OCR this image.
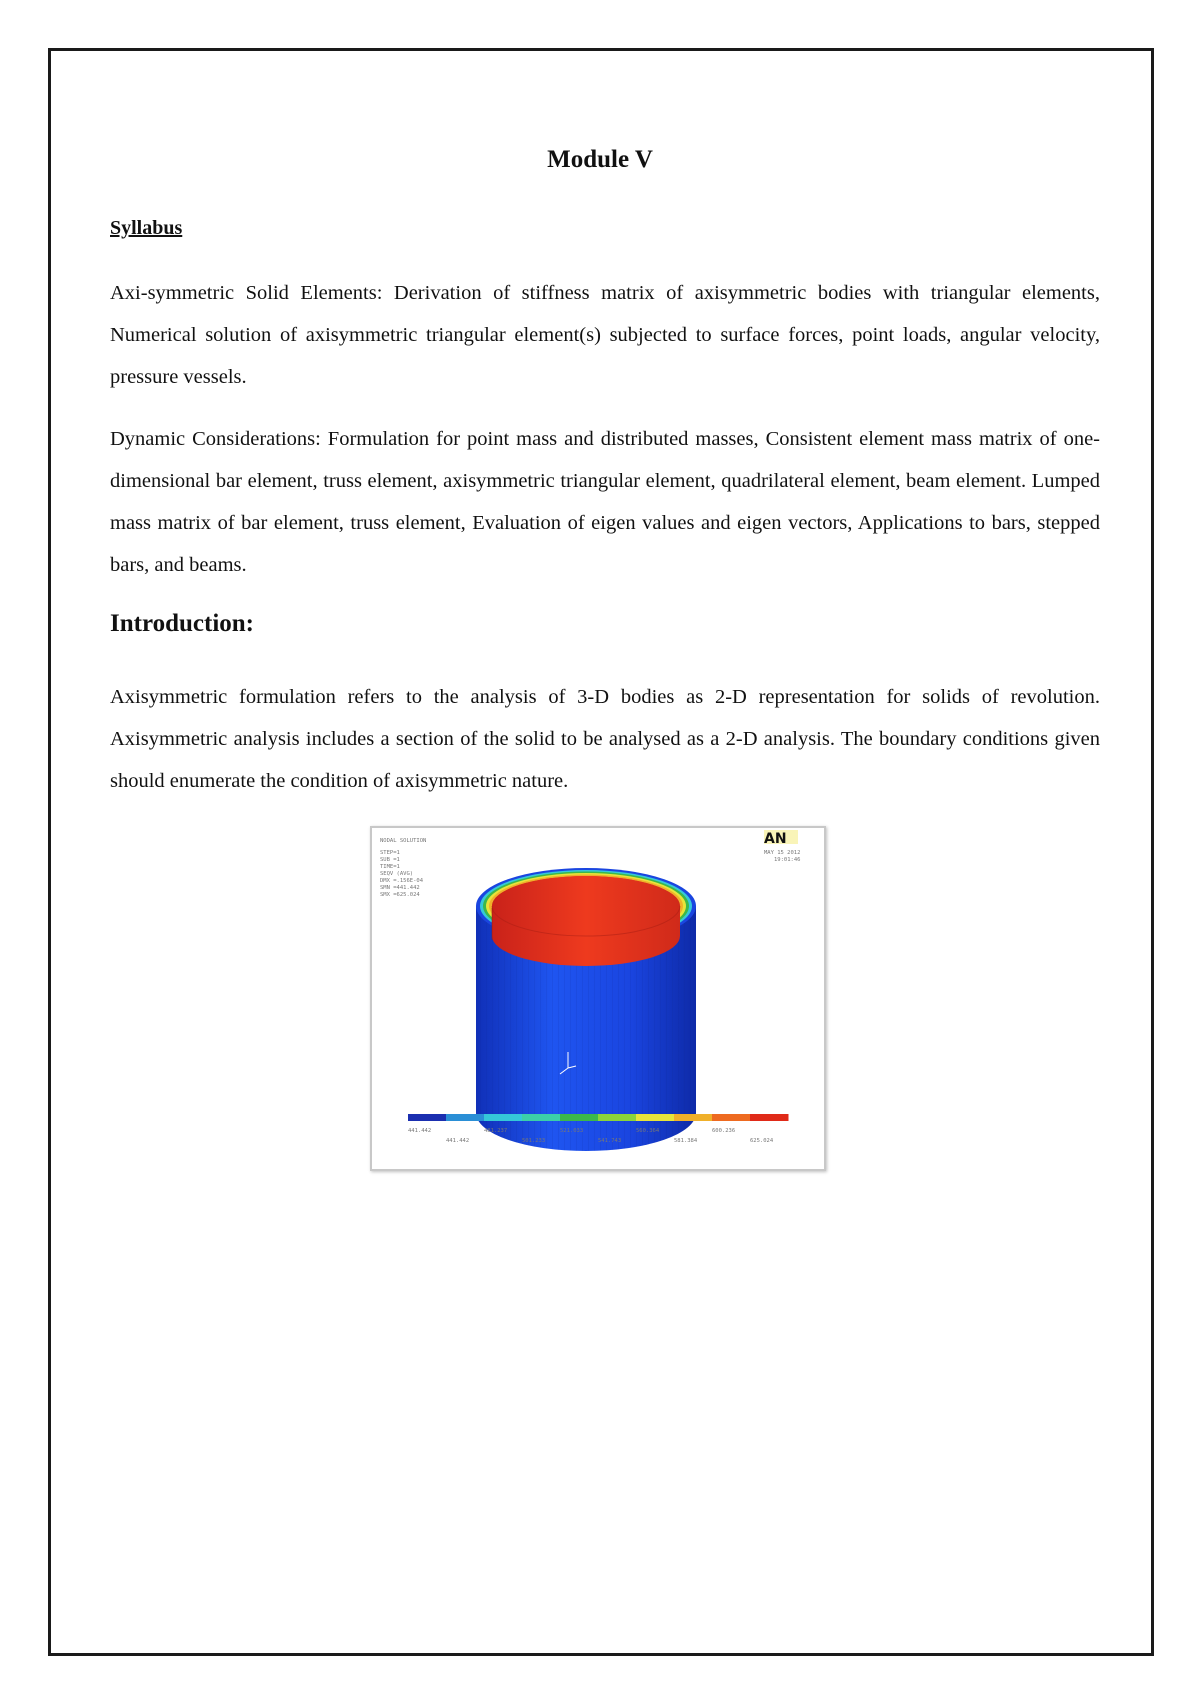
Module V
Syllabus

Axi-symmetric Solid Elements: Derivation of stiffness matrix of axisymmetric bodies with triangular elements, Numerical solution of axisymmetric triangular element(s) subjected to surface forces, point loads, angular velocity, pressure vessels.

Dynamic Considerations: Formulation for point mass and distributed masses, Consistent element mass matrix of one-dimensional bar element, truss element, axisymmetric triangular element, quadrilateral element, beam element. Lumped mass matrix of bar element, truss element, Evaluation of eigen values and eigen vectors, Applications to bars, stepped bars, and beams.

Introduction:

Axisymmetric formulation refers to the analysis of 3-D bodies as 2-D representation for solids of revolution. Axisymmetric analysis includes a section of the solid to be analysed as a 2-D analysis. The boundary conditions given should enumerate the condition of axisymmetric nature.

NODAL SOLUTION
STEP=1
SUB =1
TIME=1
SEQV (AVG)
DMX =.156E-04
SMN =441.442
SMX =625.024
AN
MAY 15 2012
19:01:46
441.442	481.237	521.033	560.364	600.236
441.442	501.233	541.743	581.384	625.024
